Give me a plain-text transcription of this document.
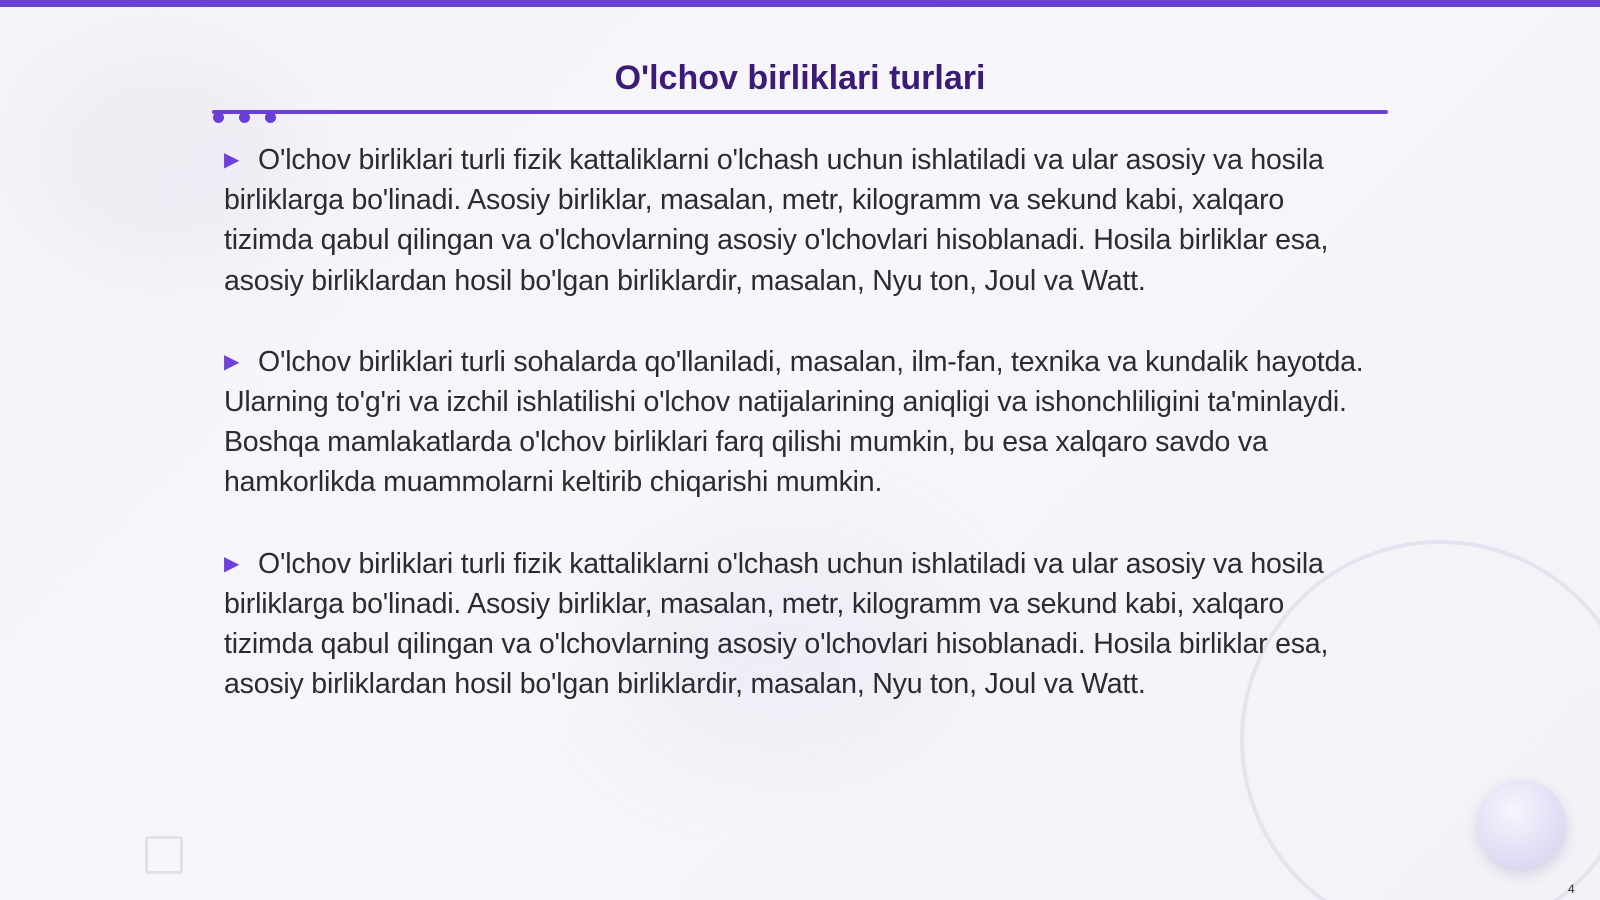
O'lchov birliklari turlari

▶ O'lchov birliklari turli fizik kattaliklarni o'lchash uchun ishlatiladi va ular asosiy va hosila birliklarga bo'linadi. Asosiy birliklar, masalan, metr, kilogramm va sekund kabi, xalqaro tizimda qabul qilingan va o'lchovlarning asosiy o'lchovlari hisoblanadi. Hosila birliklar esa, asosiy birliklardan hosil bo'lgan birliklardir, masalan, Nyu ton, Joul va Watt.

▶ O'lchov birliklari turli sohalarda qo'llaniladi, masalan, ilm-fan, texnika va kundalik hayotda. Ularning to'g'ri va izchil ishlatilishi o'lchov natijalarining aniqligi va ishonchliligini ta'minlaydi. Boshqa mamlakatlarda o'lchov birliklari farq qilishi mumkin, bu esa xalqaro savdo va hamkorlikda muammolarni keltirib chiqarishi mumkin.

▶ O'lchov birliklari turli fizik kattaliklarni o'lchash uchun ishlatiladi va ular asosiy va hosila birliklarga bo'linadi. Asosiy birliklar, masalan, metr, kilogramm va sekund kabi, xalqaro tizimda qabul qilingan va o'lchovlarning asosiy o'lchovlari hisoblanadi. Hosila birliklar esa, asosiy birliklardan hosil bo'lgan birliklardir, masalan, Nyu ton, Joul va Watt.

4
